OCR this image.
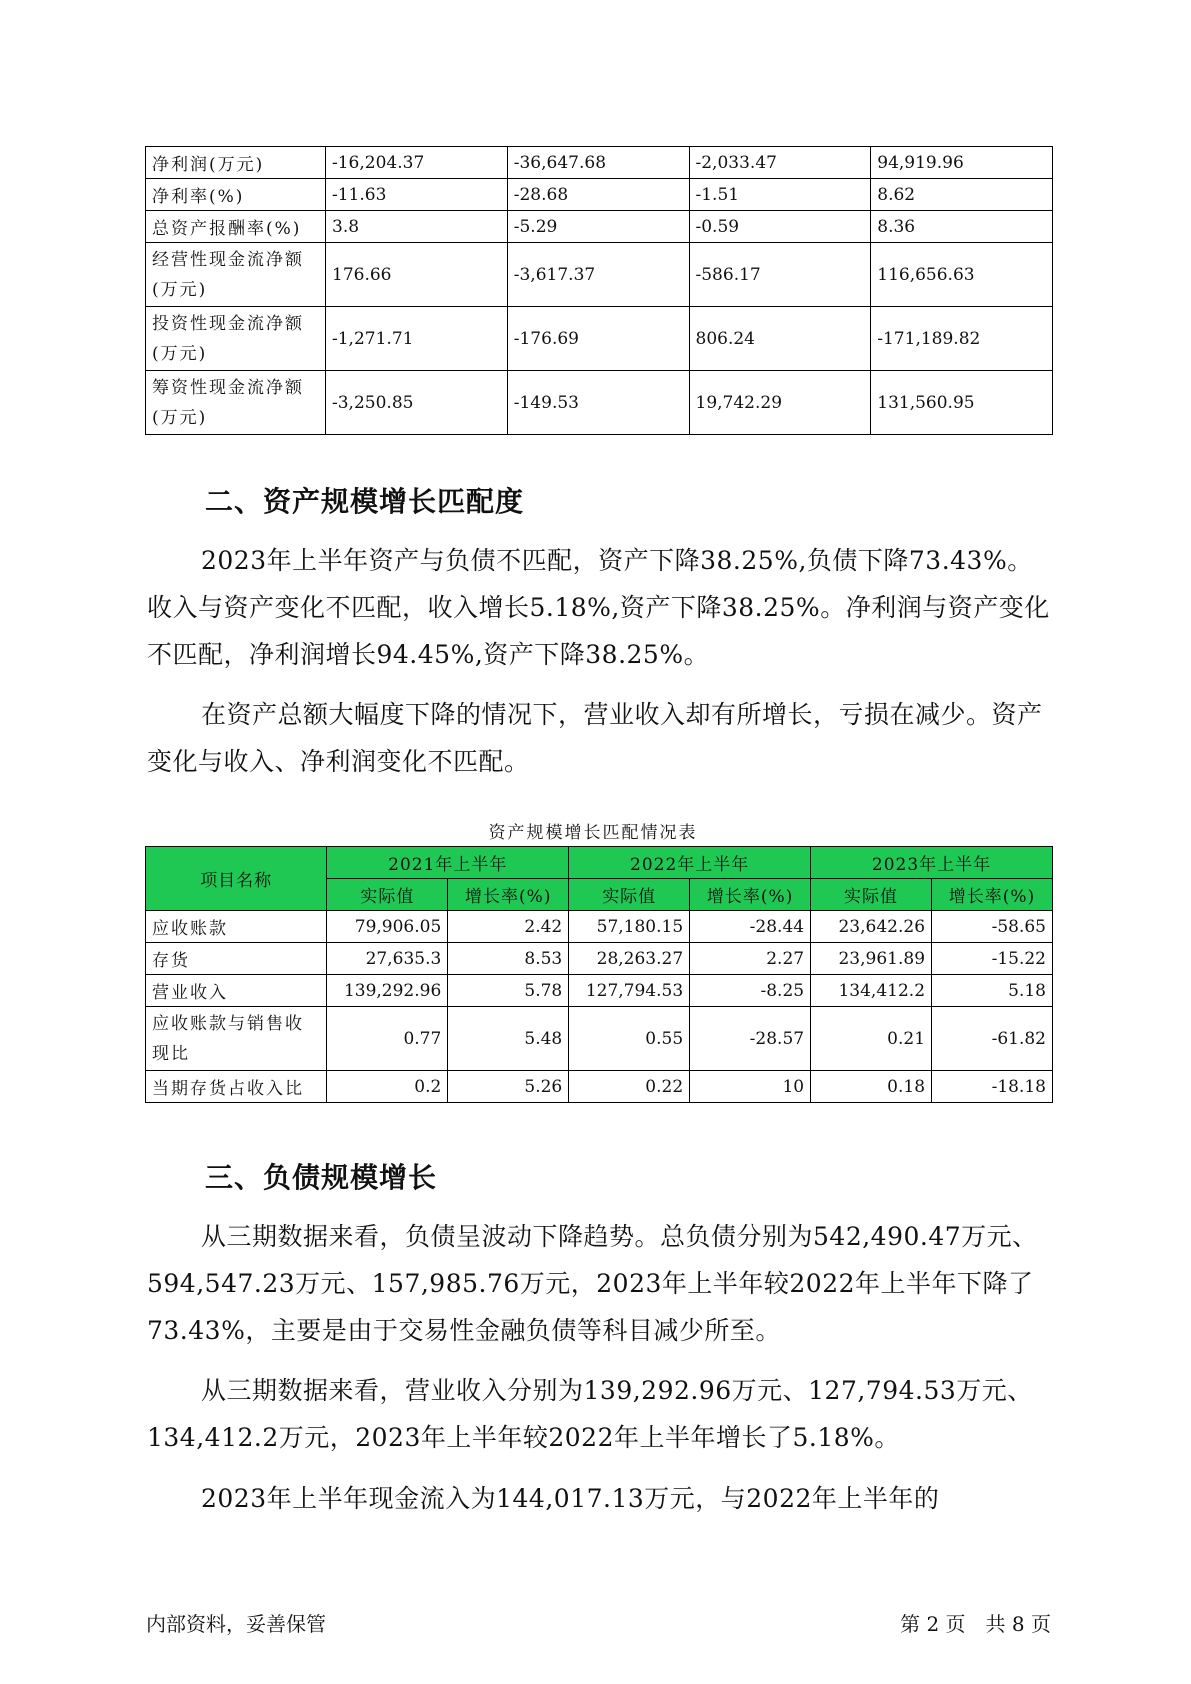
净利润(万元)	-16,204.37	-36,647.68	-2,033.47	94,919.96
净利率(%)	-11.63	-28.68	-1.51	8.62
总资产报酬率(%)	3.8	-5.29	-0.59	8.36
经营性现金流净额(万元)	176.66	-3,617.37	-586.17	116,656.63
投资性现金流净额(万元)	-1,271.71	-176.69	806.24	-171,189.82
筹资性现金流净额(万元)	-3,250.85	-149.53	19,742.29	131,560.95
二、资产规模增长匹配度

2023年上半年资产与负债不匹配，资产下降38.25%,负债下降73.43%。收入与资产变化不匹配，收入增长5.18%,资产下降38.25%。净利润与资产变化不匹配，净利润增长94.45%,资产下降38.25%。

在资产总额大幅度下降的情况下，营业收入却有所增长，亏损在减少。资产变化与收入、净利润变化不匹配。

资产规模增长匹配情况表
项目名称	2021年上半年		2022年上半年		2023年上半年	
	实际值	增长率(%)	实际值	增长率(%)	实际值	增长率(%)
应收账款	79,906.05	2.42	57,180.15	-28.44	23,642.26	-58.65
存货	27,635.3	8.53	28,263.27	2.27	23,961.89	-15.22
营业收入	139,292.96	5.78	127,794.53	-8.25	134,412.2	5.18
应收账款与销售收现比	0.77	5.48	0.55	-28.57	0.21	-61.82
当期存货占收入比	0.2	5.26	0.22	10	0.18	-18.18
三、负债规模增长

从三期数据来看，负债呈波动下降趋势。总负债分别为542,490.47万元、594,547.23万元、157,985.76万元，2023年上半年较2022年上半年下降了73.43%，主要是由于交易性金融负债等科目减少所至。

从三期数据来看，营业收入分别为139,292.96万元、127,794.53万元、134,412.2万元，2023年上半年较2022年上半年增长了5.18%。

2023年上半年现金流入为144,017.13万元，与2022年上半年的

内部资料，妥善保管	第 2 页　共 8 页
